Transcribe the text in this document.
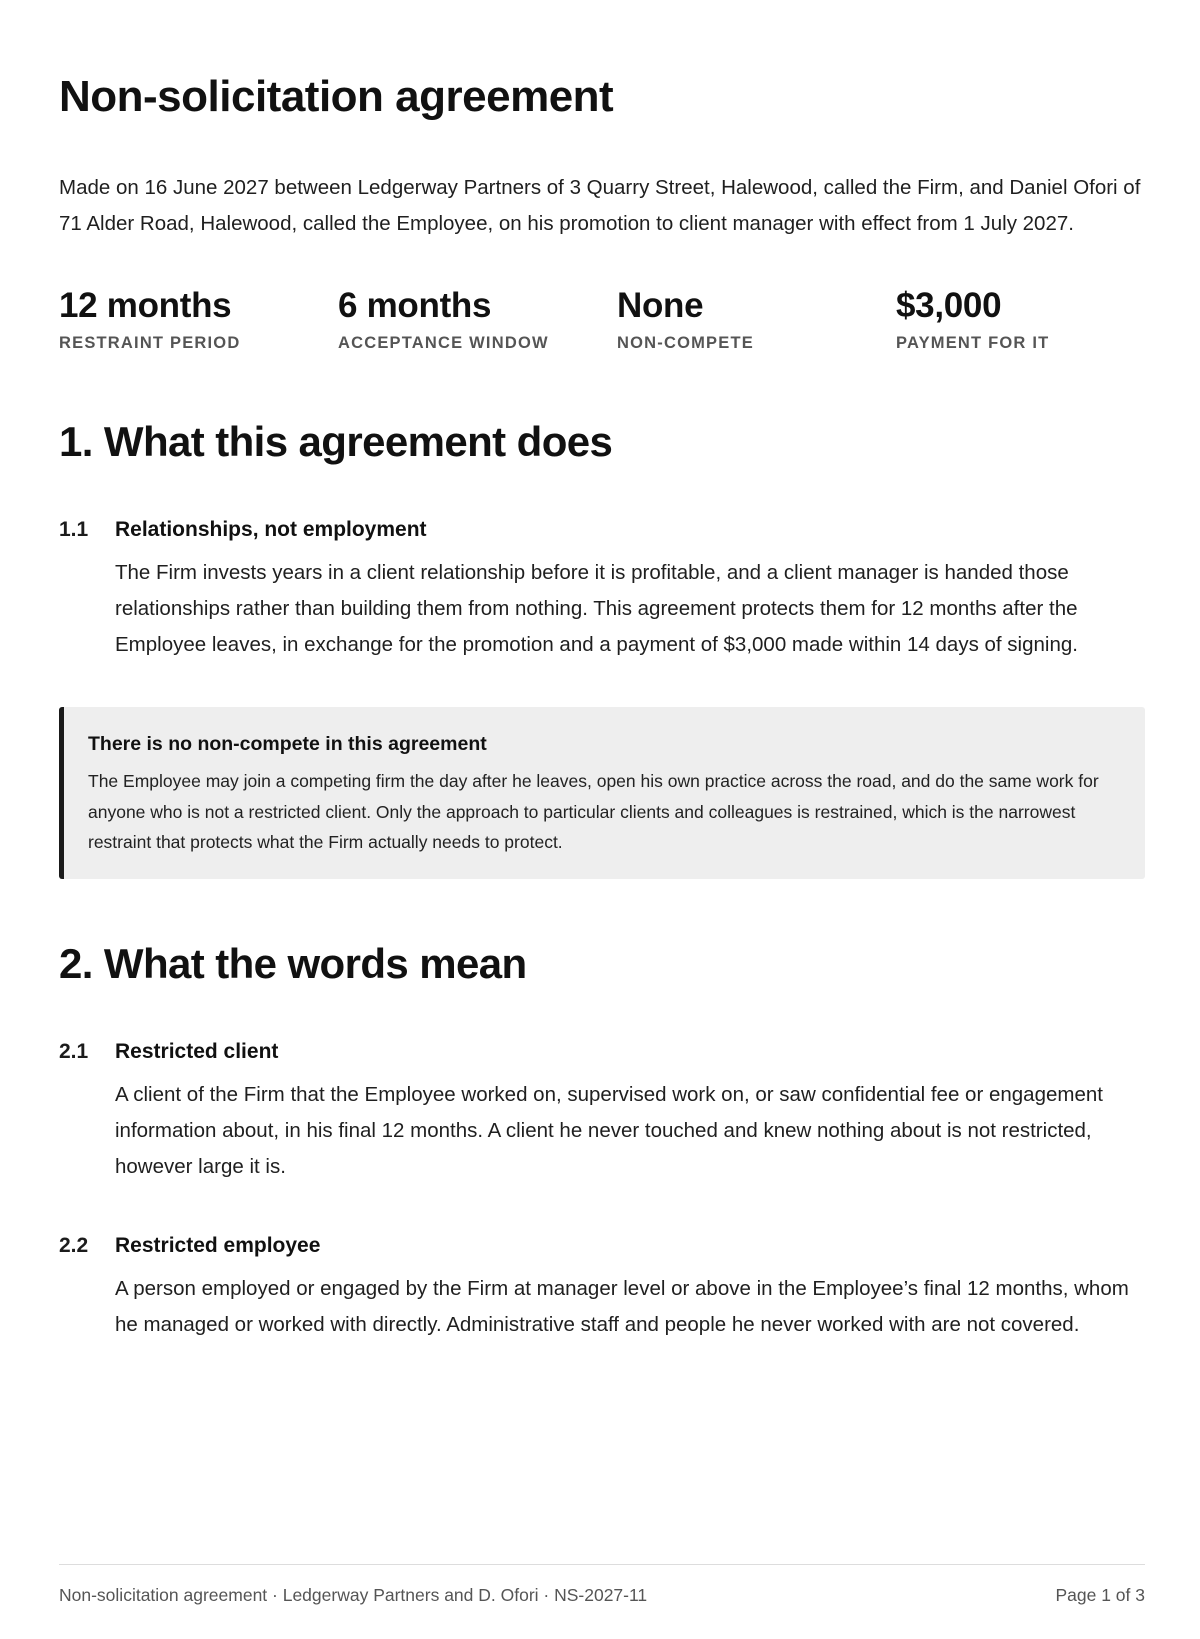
Non-solicitation agreement

Made on 16 June 2027 between Ledgerway Partners of 3 Quarry Street, Halewood, called the Firm, and Daniel Ofori of 71 Alder Road, Halewood, called the Employee, on his promotion to client manager with effect from 1 July 2027.

12 months
RESTRAINT PERIOD
6 months
ACCEPTANCE WINDOW
None
NON-COMPETE
$3,000
PAYMENT FOR IT
1. What this agreement does
1.1 Relationships, not employment

The Firm invests years in a client relationship before it is profitable, and a client manager is handed those relationships rather than building them from nothing. This agreement protects them for 12 months after the Employee leaves, in exchange for the promotion and a payment of $3,000 made within 14 days of signing.

There is no non-compete in this agreement

The Employee may join a competing firm the day after he leaves, open his own practice across the road, and do the same work for anyone who is not a restricted client. Only the approach to particular clients and colleagues is restrained, which is the narrowest restraint that protects what the Firm actually needs to protect.

2. What the words mean
2.1 Restricted client

A client of the Firm that the Employee worked on, supervised work on, or saw confidential fee or engagement information about, in his final 12 months. A client he never touched and knew nothing about is not restricted, however large it is.

2.2 Restricted employee

A person employed or engaged by the Firm at manager level or above in the Employee’s final 12 months, whom he managed or worked with directly. Administrative staff and people he never worked with are not covered.

Non-solicitation agreement · Ledgerway Partners and D. Ofori · NS-2027-11	Page 1 of 3
